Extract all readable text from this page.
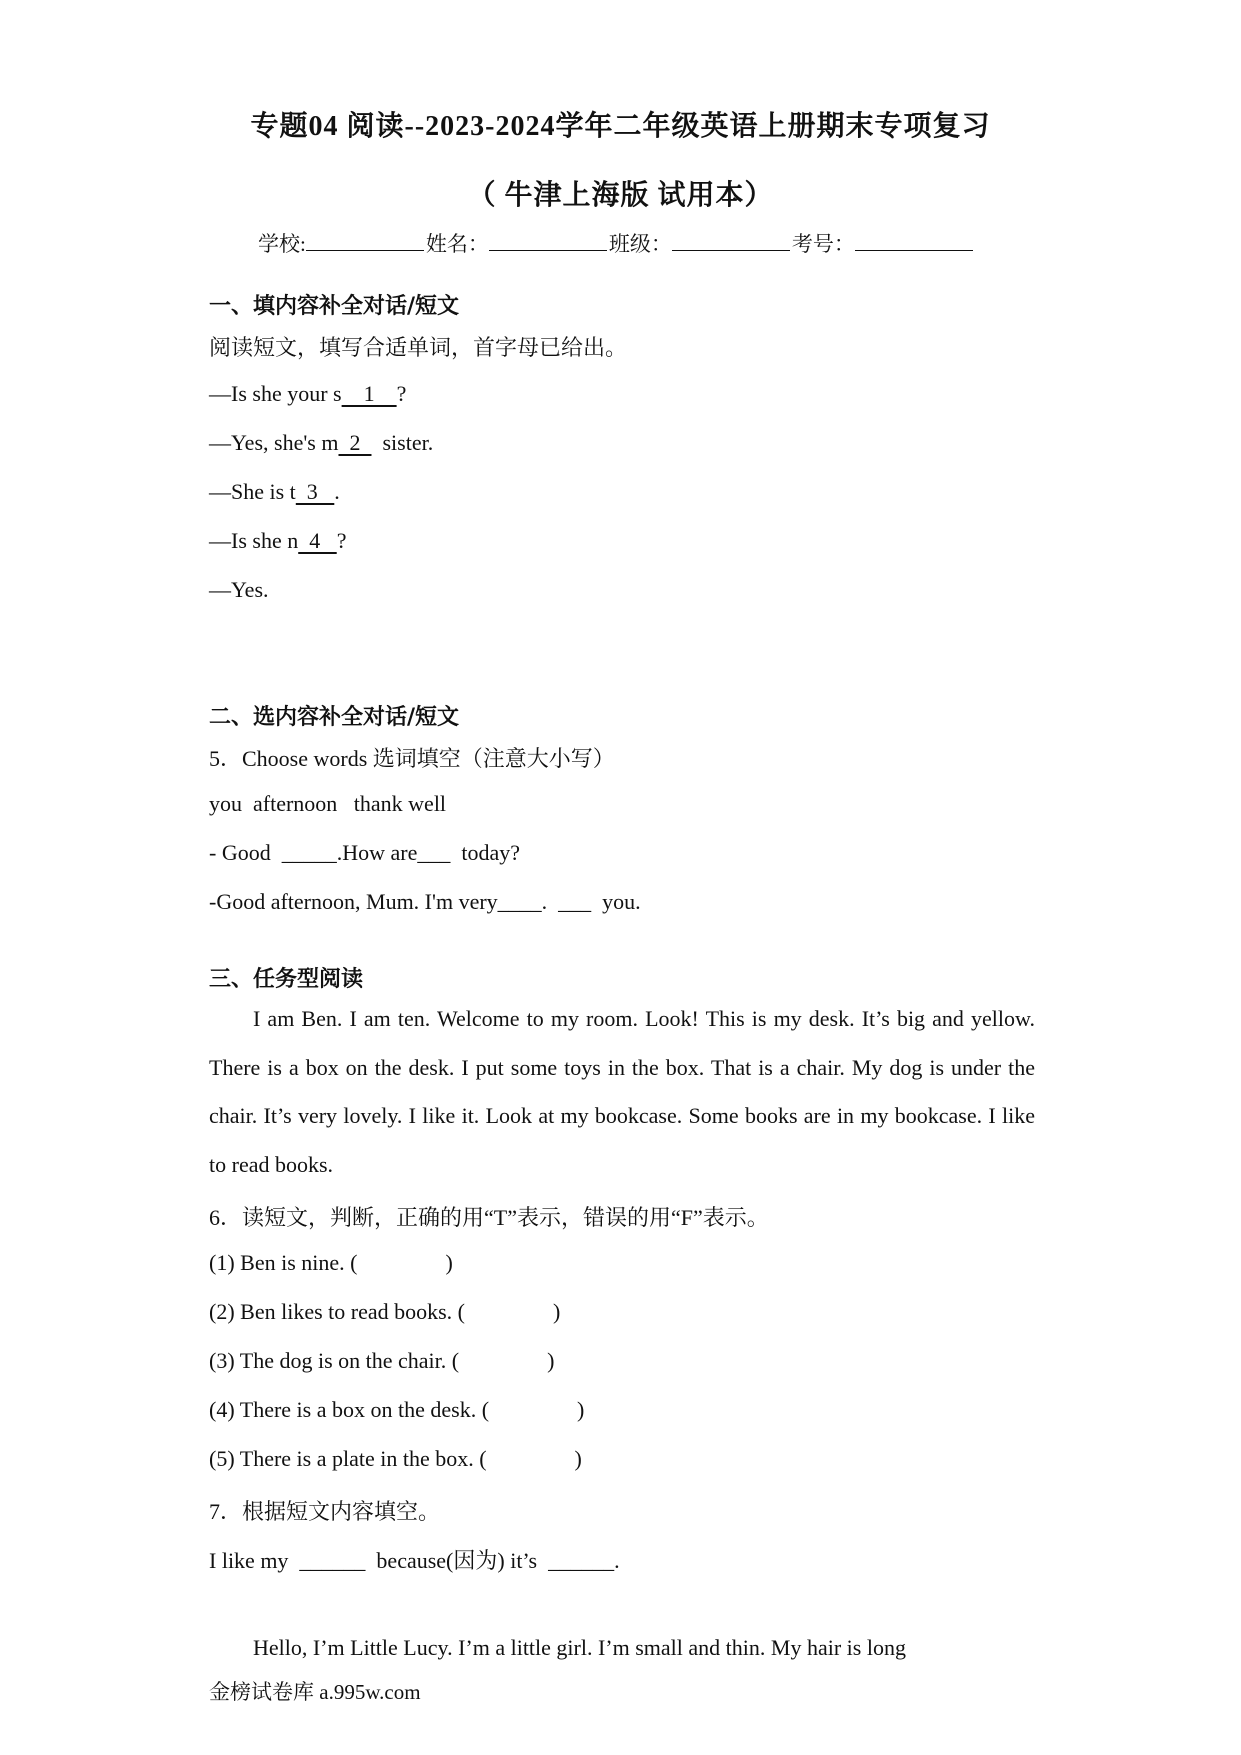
专题04 阅读--2023-2024学年二年级英语上册期末专项复习
（ 牛津上海版 试用本）
学校:	姓名：	班级：	考号：
一、填内容补全对话/短文
阅读短文，填写合适单词，首字母已给出。
—Is she your s    1    ?
—Yes, she's m  2    sister.
—She is t  3   .
—Is she n  4   ?
—Yes.
二、选内容补全对话/短文
5．Choose words 选词填空（注意大小写）
you  afternoon   thank well
- Good  _____.How are___  today?
-Good afternoon, Mum. I'm very____.  ___  you.
三、任务型阅读

I am Ben. I am ten. Welcome to my room. Look! This is my desk. It’s big and yellow. There is a box on the desk. I put some toys in the box. That is a chair. My dog is under the chair. It’s very lovely. I like it. Look at my bookcase. Some books are in my bookcase. I like to read books.

6．读短文，判断，正确的用“T”表示，错误的用“F”表示。
(1) Ben is nine. (                )
(2) Ben likes to read books. (                )
(3) The dog is on the chair. (                )
(4) There is a box on the desk. (                )
(5) There is a plate in the box. (                )
7．根据短文内容填空。
I like my  ______  because(因为) it’s  ______.

Hello, I’m Little Lucy. I’m a little girl. I’m small and thin. My hair is long

金榜试卷库 a.995w.com
